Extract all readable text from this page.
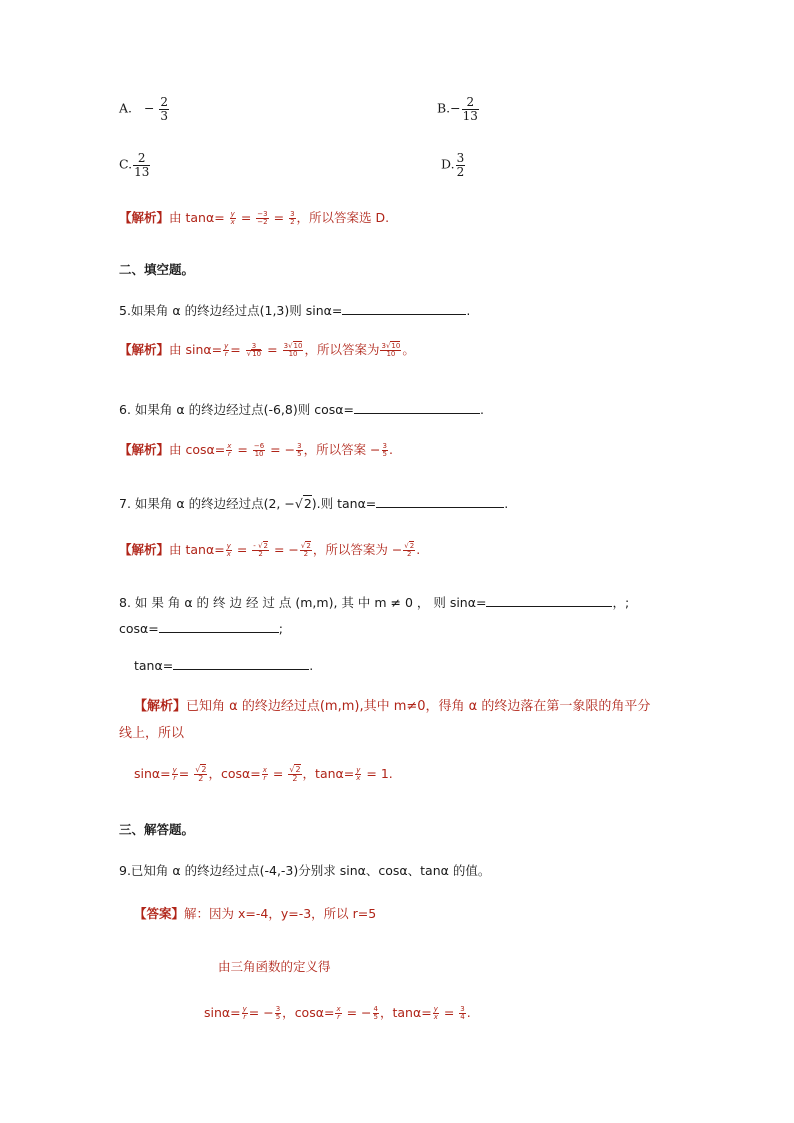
A. − $\frac{2}{3}$	$B.- \frac{2}{13}$
C. $\frac{2}{13}$	D. $\frac{3}{2}$
【解析】由 $\tan\alpha= \frac{y}{x} = \frac{-3}{-2} = \frac{3}{2}$ ，所以答案选 D.
二、填空题。
5.如果角 α 的终边经过点(1,3)则 sinα=	.
【解析】由 $\sin\alpha= \frac{y}{r} = \frac{3}{√10} = \frac{3√10}{10}$ ，所以答案为 $\frac{3√10}{10}$ 。
6. 如果角 α 的终边经过点(-6,8)则 cosα=	.
【解析】由 $\cos\alpha= \frac{x}{r} = \frac{-6}{10}$ = − $\frac{3}{5}$ ，所以答案 − $\frac{3}{5}$ .
7. 如果角 α 的终边经过点(2, −√2).则 tanα=	.
【解析】由 $\tan\alpha= \frac{y}{x} = \frac{- √2}{2}$ = − $\frac{√2}{2}$ ，所以答案为 − $\frac{√2}{2}$ .
8. 如 果 角 α 的 终 边 经 过 点 (m,m), 其 中 m ≠ 0 ， 则 sinα=	，;
cosα=	;
tanα=	.
【解析】已知角 α 的终边经过点(m,m),其中 m≠0，得角 α 的终边落在第一象限的角平分
线上，所以
$\sin\alpha= \frac{y}{r} = \frac{√2}{2}$ ，$\cos\alpha= \frac{x}{r} = \frac{√2}{2}$ ，$\tan\alpha= \frac{y}{x} = 1$.
三、解答题。
9.已知角 α 的终边经过点(-4,-3)分别求 sinα、cosα、tanα 的值。
【答案】解：因为 x=-4，y=-3，所以 r=5
由三角函数的定义得
$\sin\alpha= \frac{y}{r}$ = − $\frac{3}{5}$ ，$\cos\alpha= \frac{x}{r}$ = − $\frac{4}{5}$ ，$\tan\alpha= \frac{y}{x} = \frac{3}{4}$ .
